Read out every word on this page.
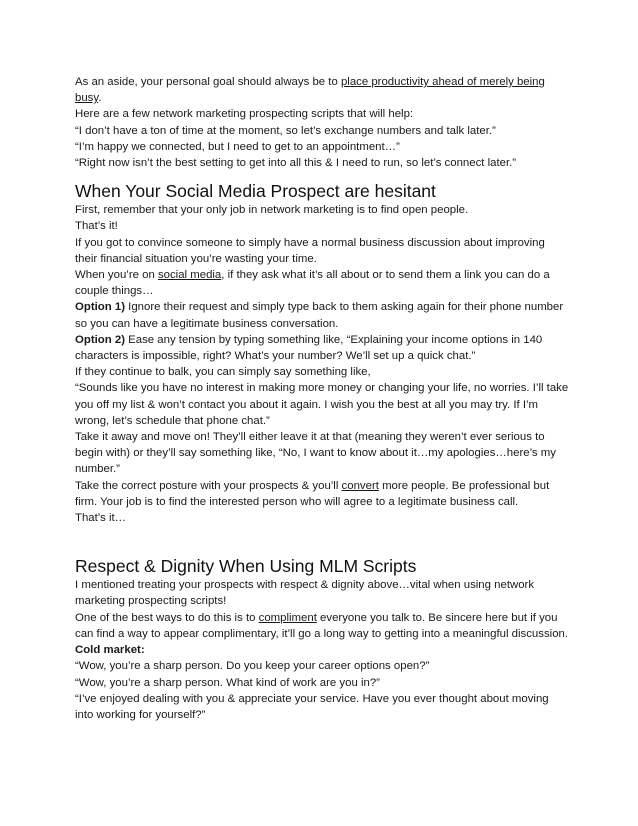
As an aside, your personal goal should always be to place productivity ahead of merely being busy.

Here are a few network marketing prospecting scripts that will help:

“I don’t have a ton of time at the moment, so let’s exchange numbers and talk later.”

“I’m happy we connected, but I need to get to an appointment…”

“Right now isn’t the best setting to get into all this & I need to run, so let’s connect later.”

When Your Social Media Prospect are hesitant

First, remember that your only job in network marketing is to find open people.

That’s it!

If you got to convince someone to simply have a normal business discussion about improving their financial situation you’re wasting your time.

When you’re on social media, if they ask what it’s all about or to send them a link you can do a couple things…

Option 1) Ignore their request and simply type back to them asking again for their phone number so you can have a legitimate business conversation.

Option 2) Ease any tension by typing something like, “Explaining your income options in 140 characters is impossible, right? What’s your number? We’ll set up a quick chat.”

If they continue to balk, you can simply say something like,

“Sounds like you have no interest in making more money or changing your life, no worries. I’ll take you off my list & won’t contact you about it again. I wish you the best at all you may try. If I’m wrong, let’s schedule that phone chat.”

Take it away and move on! They’ll either leave it at that (meaning they weren’t ever serious to begin with) or they’ll say something like, “No, I want to know about it…my apologies…here’s my number.”

Take the correct posture with your prospects & you’ll convert more people. Be professional but firm. Your job is to find the interested person who will agree to a legitimate business call.

That’s it…

Respect & Dignity When Using MLM Scripts

I mentioned treating your prospects with respect & dignity above…vital when using network marketing prospecting scripts!

One of the best ways to do this is to compliment everyone you talk to. Be sincere here but if you can find a way to appear complimentary, it’ll go a long way to getting into a meaningful discussion.

Cold market:

“Wow, you’re a sharp person. Do you keep your career options open?”

“Wow, you’re a sharp person. What kind of work are you in?”

“I’ve enjoyed dealing with you & appreciate your service. Have you ever thought about moving into working for yourself?”
